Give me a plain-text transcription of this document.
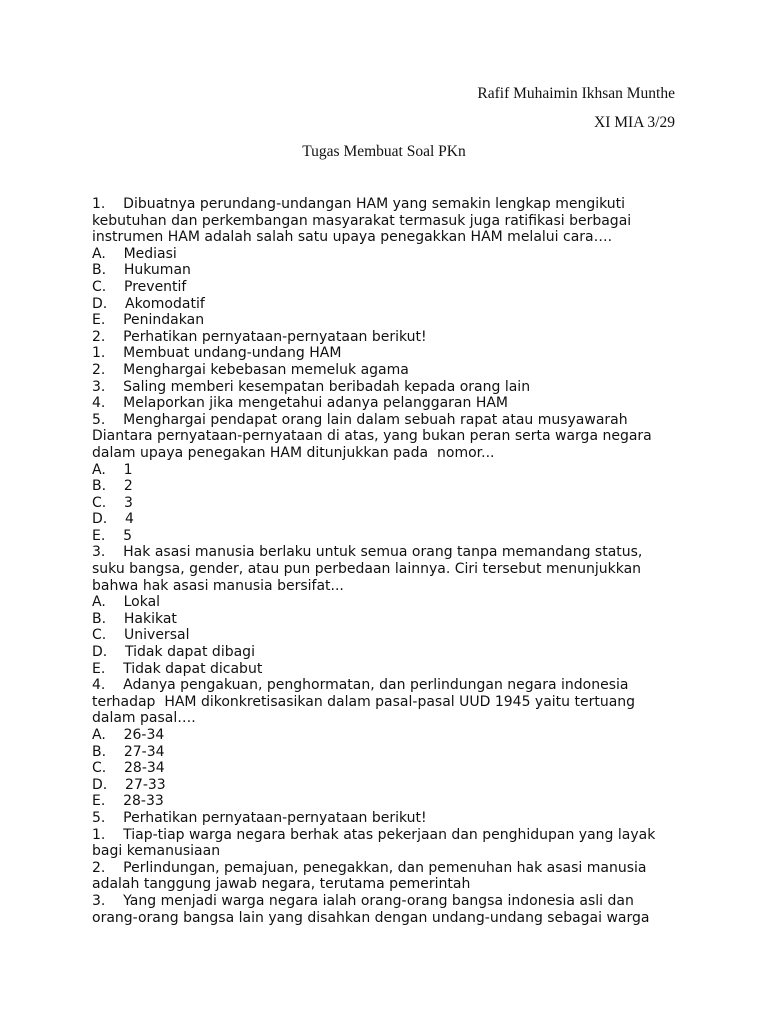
Rafif Muhaimin Ikhsan Munthe
XI MIA 3/29
Tugas Membuat Soal PKn
1.    Dibuatnya perundang-undangan HAM yang semakin lengkap mengikuti
kebutuhan dan perkembangan masyarakat termasuk juga ratifikasi berbagai
instrumen HAM adalah salah satu upaya penegakkan HAM melalui cara….
A.    Mediasi
B.    Hukuman
C.    Preventif
D.    Akomodatif
E.    Penindakan
2.    Perhatikan pernyataan-pernyataan berikut!
1.    Membuat undang-undang HAM
2.    Menghargai kebebasan memeluk agama
3.    Saling memberi kesempatan beribadah kepada orang lain
4.    Melaporkan jika mengetahui adanya pelanggaran HAM
5.    Menghargai pendapat orang lain dalam sebuah rapat atau musyawarah
Diantara pernyataan-pernyataan di atas, yang bukan peran serta warga negara
dalam upaya penegakan HAM ditunjukkan pada  nomor...
A.    1
B.    2
C.    3
D.    4
E.    5
3.    Hak asasi manusia berlaku untuk semua orang tanpa memandang status,
suku bangsa, gender, atau pun perbedaan lainnya. Ciri tersebut menunjukkan
bahwa hak asasi manusia bersifat...
A.    Lokal
B.    Hakikat
C.    Universal
D.    Tidak dapat dibagi
E.    Tidak dapat dicabut
4.    Adanya pengakuan, penghormatan, dan perlindungan negara indonesia
terhadap  HAM dikonkretisasikan dalam pasal-pasal UUD 1945 yaitu tertuang
dalam pasal….
A.    26-34
B.    27-34
C.    28-34
D.    27-33
E.    28-33
5.    Perhatikan pernyataan-pernyataan berikut!
1.    Tiap-tiap warga negara berhak atas pekerjaan dan penghidupan yang layak
bagi kemanusiaan
2.    Perlindungan, pemajuan, penegakkan, dan pemenuhan hak asasi manusia
adalah tanggung jawab negara, terutama pemerintah
3.    Yang menjadi warga negara ialah orang-orang bangsa indonesia asli dan
orang-orang bangsa lain yang disahkan dengan undang-undang sebagai warga
